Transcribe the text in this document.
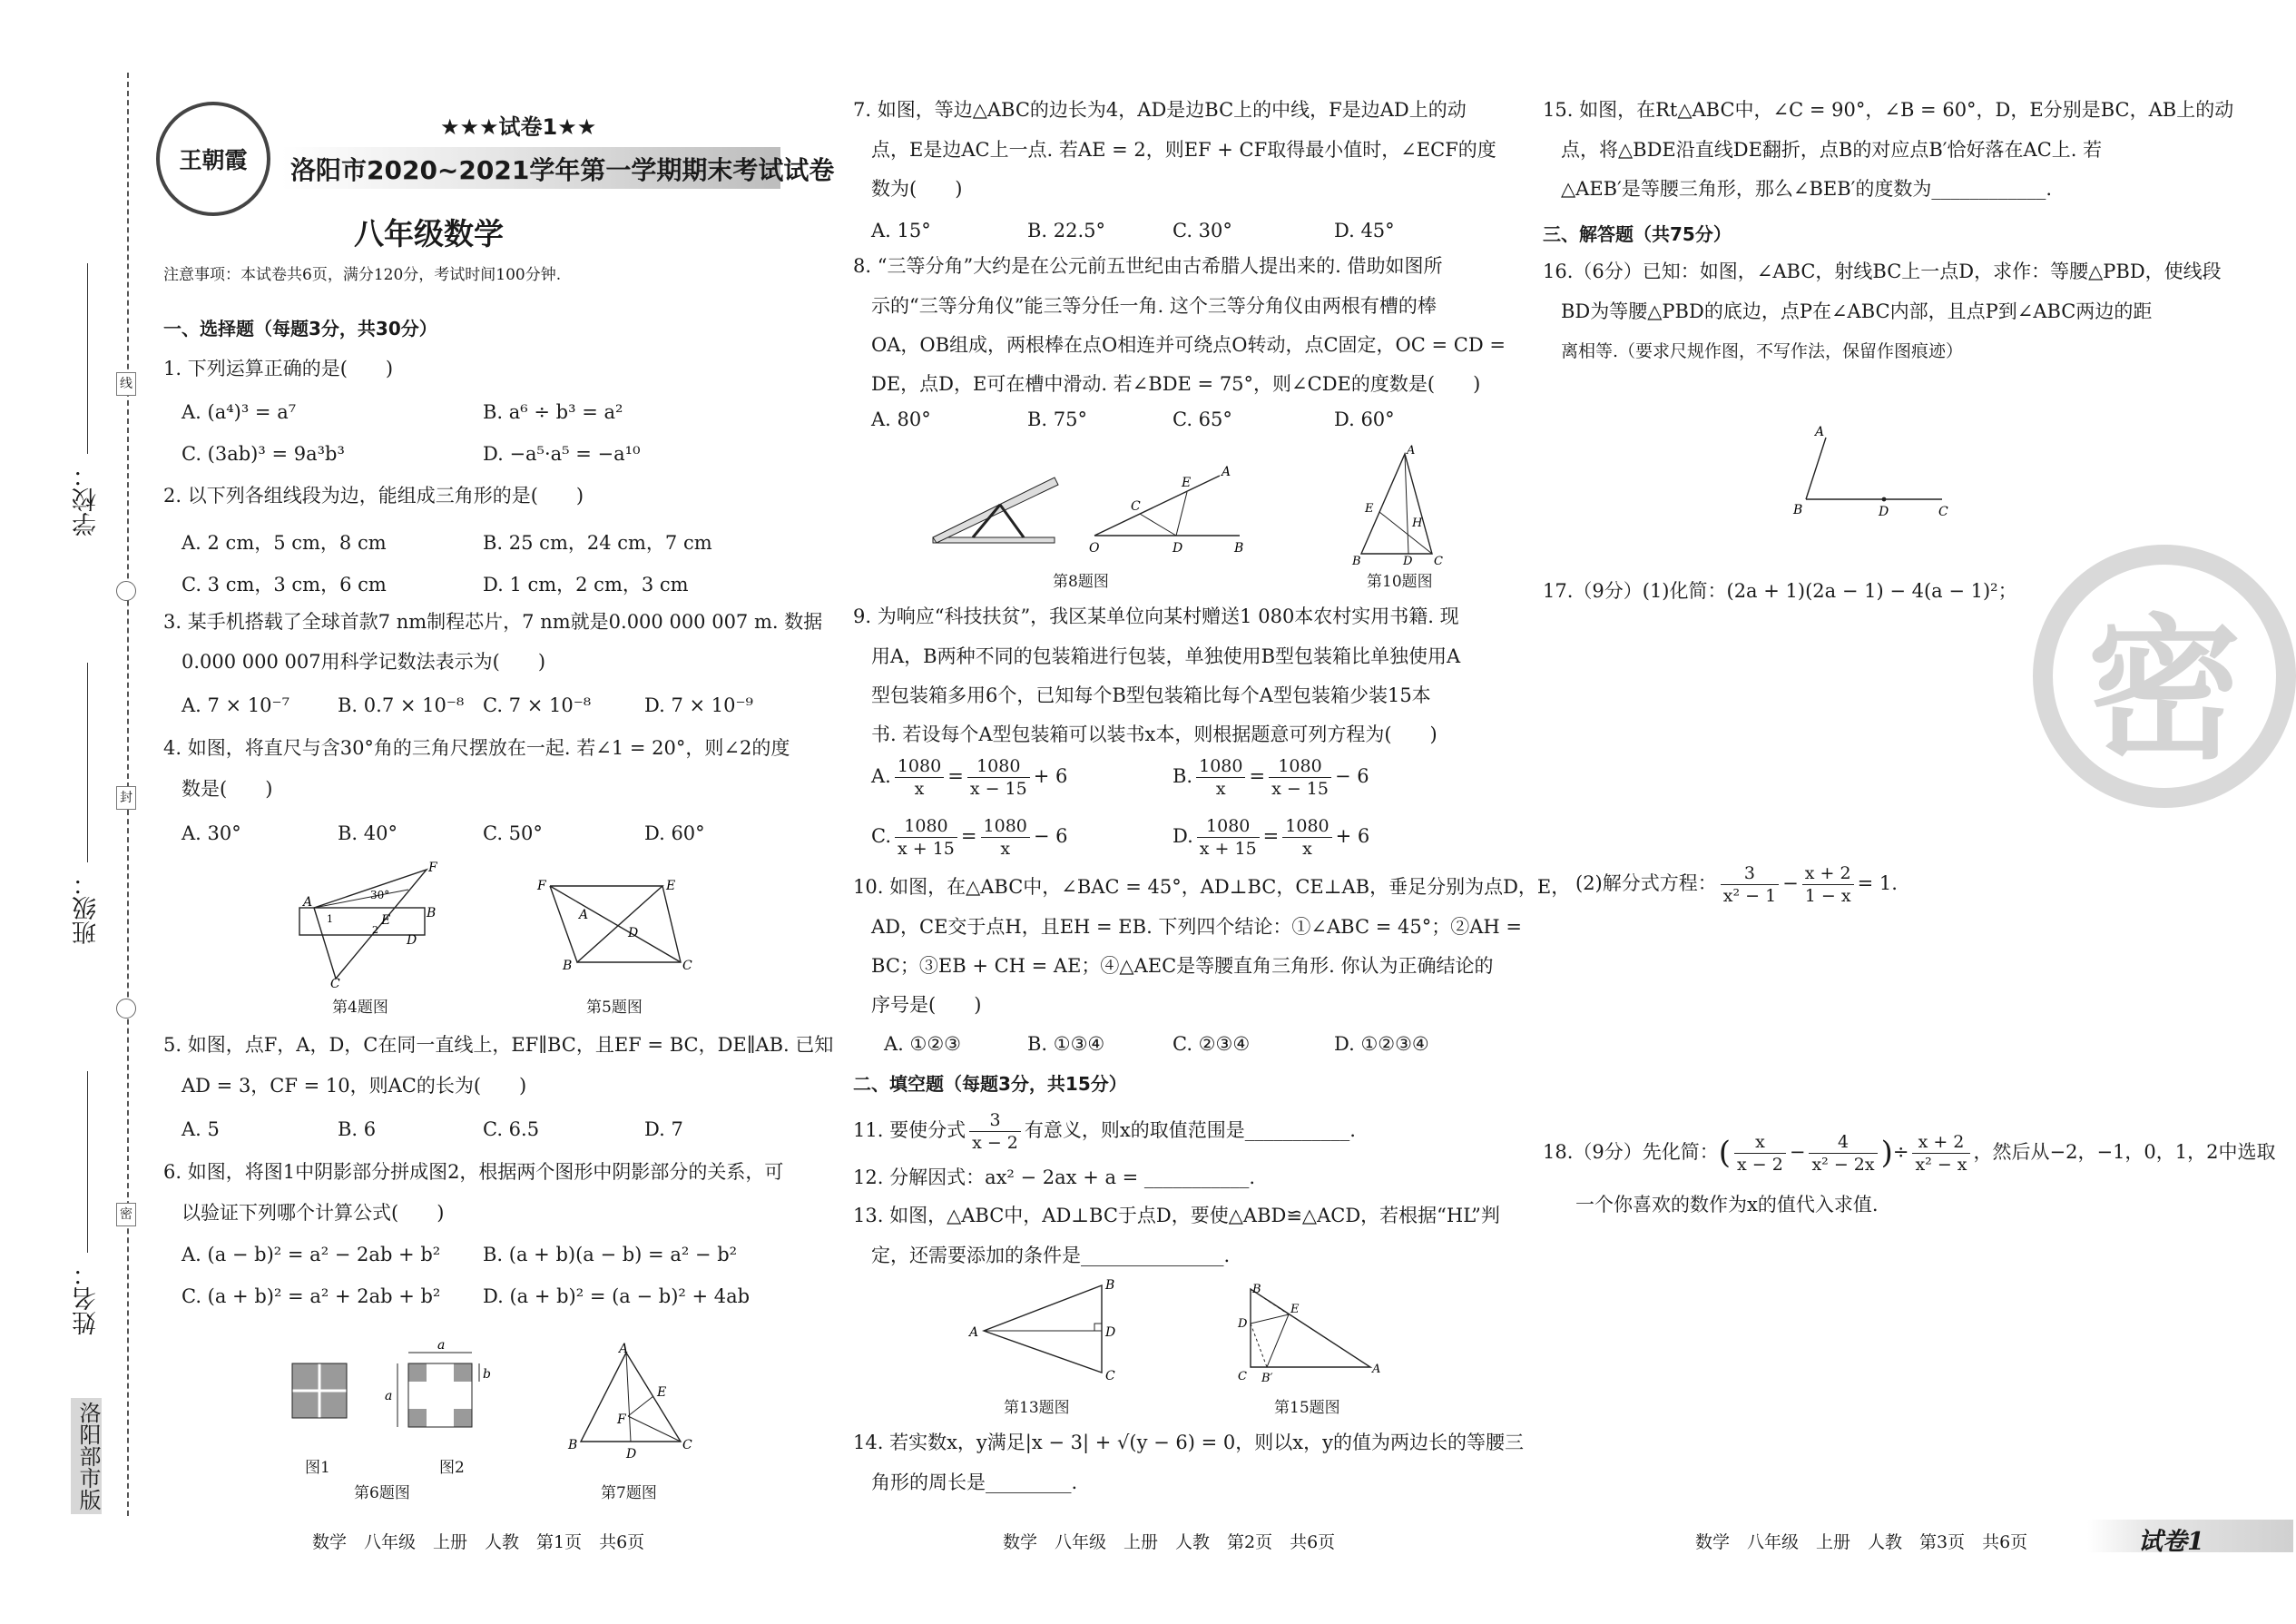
学校：
班级：
姓名：
线
封
密
洛阳部市版
王朝霞
★★★试卷1★★
洛阳市2020~2021学年第一学期期末考试试卷
八年级数学
注意事项：本试卷共6页，满分120分，考试时间100分钟.
一、选择题（每题3分，共30分）
1. 下列运算正确的是(　　)
A. (a⁴)³ = a⁷	B. a⁶ ÷ b³ = a²
C. (3ab)³ = 9a³b³	D. −a⁵·a⁵ = −a¹⁰
2. 以下列各组线段为边，能组成三角形的是(　　)
A. 2 cm，5 cm，8 cm	B. 25 cm，24 cm，7 cm
C. 3 cm，3 cm，6 cm	D. 1 cm，2 cm，3 cm
3. 某手机搭载了全球首款7 nm制程芯片，7 nm就是0.000 000 007 m. 数据
0.000 000 007用科学记数法表示为(　　)
A. 7 × 10⁻⁷	B. 0.7 × 10⁻⁸ C. 7 × 10⁻⁸	D. 7 × 10⁻⁹
4. 如图，将直尺与含30°角的三角尺摆放在一起. 若∠1 = 20°，则∠2的度
数是(　　)
A. 30°	B. 40°	C. 50°	D. 60°
A
F
B
D
E
C
30°
1
2
第4题图
F	E
A
D
B	C
第5题图
5. 如图，点F，A，D，C在同一直线上，EF∥BC，且EF = BC，DE∥AB. 已知
AD = 3，CF = 10，则AC的长为(　　)
A. 5	B. 6	C. 6.5	D. 7
6. 如图，将图1中阴影部分拼成图2，根据两个图形中阴影部分的关系，可
以验证下列哪个计算公式(　　)
A. (a − b)² = a² − 2ab + b² B. (a + b)(a − b) = a² − b²
C. (a + b)² = a² + 2ab + b² D. (a + b)² = (a − b)² + 4ab
a
a
b
图1	图2
第6题图
A
E
F
B
D
C
第7题图
7. 如图，等边△ABC的边长为4，AD是边BC上的中线，F是边AD上的动
点，E是边AC上一点. 若AE = 2，则EF + CF取得最小值时，∠ECF的度
数为(　　)
A. 15°	B. 22.5°	C. 30°	D. 45°
8. “三等分角”大约是在公元前五世纪由古希腊人提出来的. 借助如图所
示的“三等分角仪”能三等分任一角. 这个三等分角仪由两根有槽的棒
OA，OB组成，两根棒在点O相连并可绕点O转动，点C固定，OC = CD =
DE，点D，E可在槽中滑动. 若∠BDE = 75°，则∠CDE的度数是(　　)
A. 80°	B. 75°	C. 65°	D. 60°
O
C
E
A
D	B
第8题图
A
E
H
B	D C
第10题图
9. 为响应“科技扶贫”，我区某单位向某村赠送1 080本农村实用书籍. 现
用A，B两种不同的包装箱进行包装，单独使用B型包装箱比单独使用A
型包装箱多用6个，已知每个B型包装箱比每个A型包装箱少装15本
书. 若设每个A型包装箱可以装书x本，则根据题意可列方程为(　　)
A. $\frac{1080}{x} = \frac{1080}{x - 15} + 6$	B. $\frac{1080}{x} = \frac{1080}{x - 15} - 6$
C. $\frac{1080}{x + 15} = \frac{1080}{x} - 6$	D. $\frac{1080}{x + 15} = \frac{1080}{x} + 6$
10. 如图，在△ABC中，∠BAC = 45°，AD⊥BC，CE⊥AB，垂足分别为点D，E，
AD，CE交于点H，且EH = EB. 下列四个结论：①∠ABC = 45°；②AH =
BC；③EB + CH = AE；④△AEC是等腰直角三角形. 你认为正确结论的
序号是(　　)
A. ①②③	B. ①③④	C. ②③④	D. ①②③④
二、填空题（每题3分，共15分）
11. 要使分式 $\frac{3}{x - 2}$ 有意义，则x的取值范围是___________.
12. 分解因式：ax² − 2ax + a = ___________.
13. 如图，△ABC中，AD⊥BC于点D，要使△ABD≌△ACD，若根据“HL”判
定，还需要添加的条件是_______________.
A
B
D
C
第13题图
B
D
E
C B′
A
第15题图
14. 若实数x，y满足|x − 3| + √(y − 6) = 0，则以x，y的值为两边长的等腰三
角形的周长是_________.
15. 如图，在Rt△ABC中，∠C = 90°，∠B = 60°，D，E分别是BC，AB上的动
点，将△BDE沿直线DE翻折，点B的对应点B′恰好落在AC上. 若
△AEB′是等腰三角形，那么∠BEB′的度数为____________.
三、解答题（共75分）
16.（6分）已知：如图，∠ABC，射线BC上一点D，求作：等腰△PBD，使线段
BD为等腰△PBD的底边，点P在∠ABC内部，且点P到∠ABC两边的距
离相等.（要求尺规作图，不写作法，保留作图痕迹）
A
B	D	C
17.（9分）(1)化简：(2a + 1)(2a − 1) − 4(a − 1)²；
(2)解分式方程： $\frac{3}{\text{x² − 1}} - \frac{x + 2}{1 - x} = 1$.
18.（9分）先化简：( $\frac{x}{x - 2} - \frac{4}{\text{x² − 2x}}$ )÷ $\frac{x + 2}{\text{x² − x}}$ ，然后从−2，−1，0，1，2中选取
一个你喜欢的数作为x的值代入求值.
密
数学　八年级　上册　人教　第1页　共6页	数学　八年级　上册　人教　第2页　共6页	数学　八年级　上册　人教　第3页　共6页	试卷1
